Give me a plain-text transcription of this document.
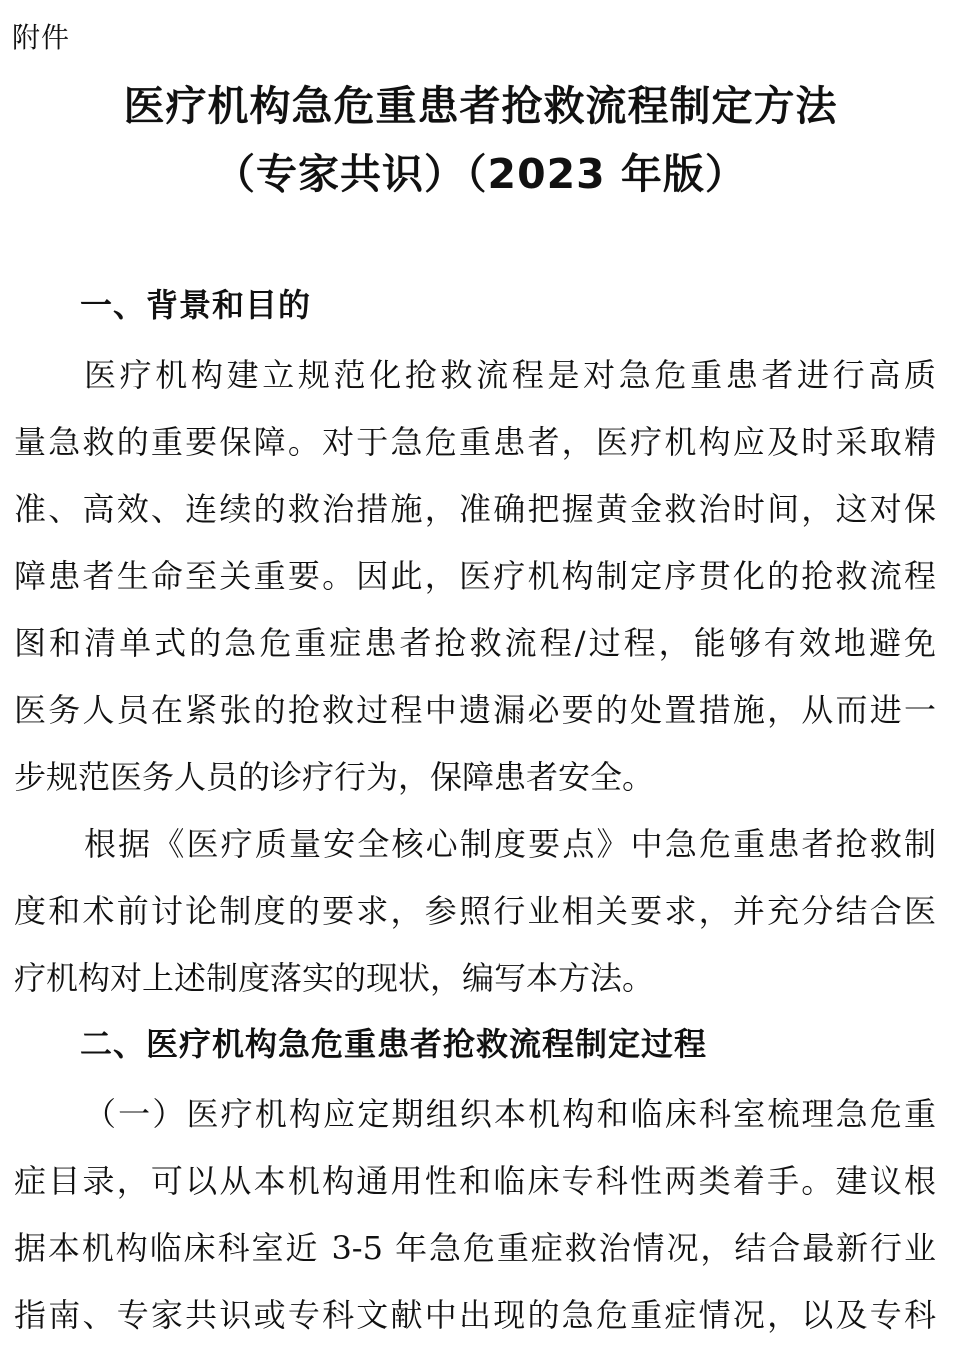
附件
医疗机构急危重患者抢救流程制定方法
（专家共识）（2023 年版）
一、背景和目的
医疗机构建立规范化抢救流程是对急危重患者进行高质
量急救的重要保障。对于急危重患者，医疗机构应及时采取精
准、高效、连续的救治措施，准确把握黄金救治时间，这对保
障患者生命至关重要。因此，医疗机构制定序贯化的抢救流程
图和清单式的急危重症患者抢救流程/过程，能够有效地避免
医务人员在紧张的抢救过程中遗漏必要的处置措施，从而进一
步规范医务人员的诊疗行为，保障患者安全。
根据《医疗质量安全核心制度要点》中急危重患者抢救制
度和术前讨论制度的要求，参照行业相关要求，并充分结合医
疗机构对上述制度落实的现状，编写本方法。
二、医疗机构急危重患者抢救流程制定过程
（一）医疗机构应定期组织本机构和临床科室梳理急危重
症目录，可以从本机构通用性和临床专科性两类着手。建议根
据本机构临床科室近 3-5 年急危重症救治情况，结合最新行业
指南、专家共识或专科文献中出现的急危重症情况，以及专科
